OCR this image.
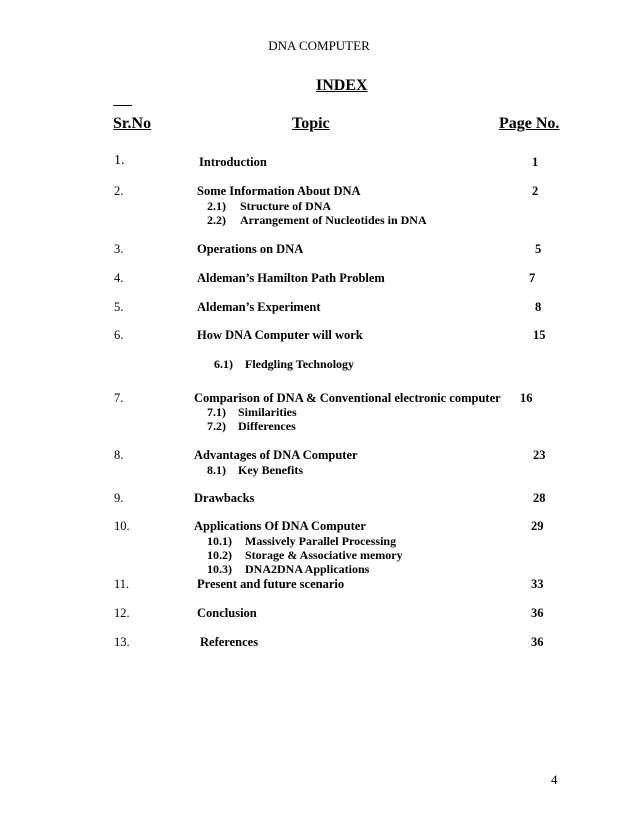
DNA COMPUTER
INDEX
Sr.No	Topic	Page No.
1.	Introduction	1
2.	Some Information About DNA	2
2.1) Structure of DNA
2.2) Arrangement of Nucleotides in DNA
3.	Operations on DNA	5
4.	Aldeman’s Hamilton Path Problem	7
5.	Aldeman’s Experiment	8
6.	How DNA Computer will work	15
6.1) Fledgling Technology
7.	Comparison of DNA & Conventional electronic computer 16
7.1) Similarities
7.2) Differences
8.	Advantages of DNA Computer	23
8.1) Key Benefits
9.	Drawbacks	28
10.	Applications Of DNA Computer	29
10.1) Massively Parallel Processing
10.2) Storage & Associative memory
10.3) DNA2DNA Applications
11.	Present and future scenario	33
12.	Conclusion	36
13.	References	36
4
